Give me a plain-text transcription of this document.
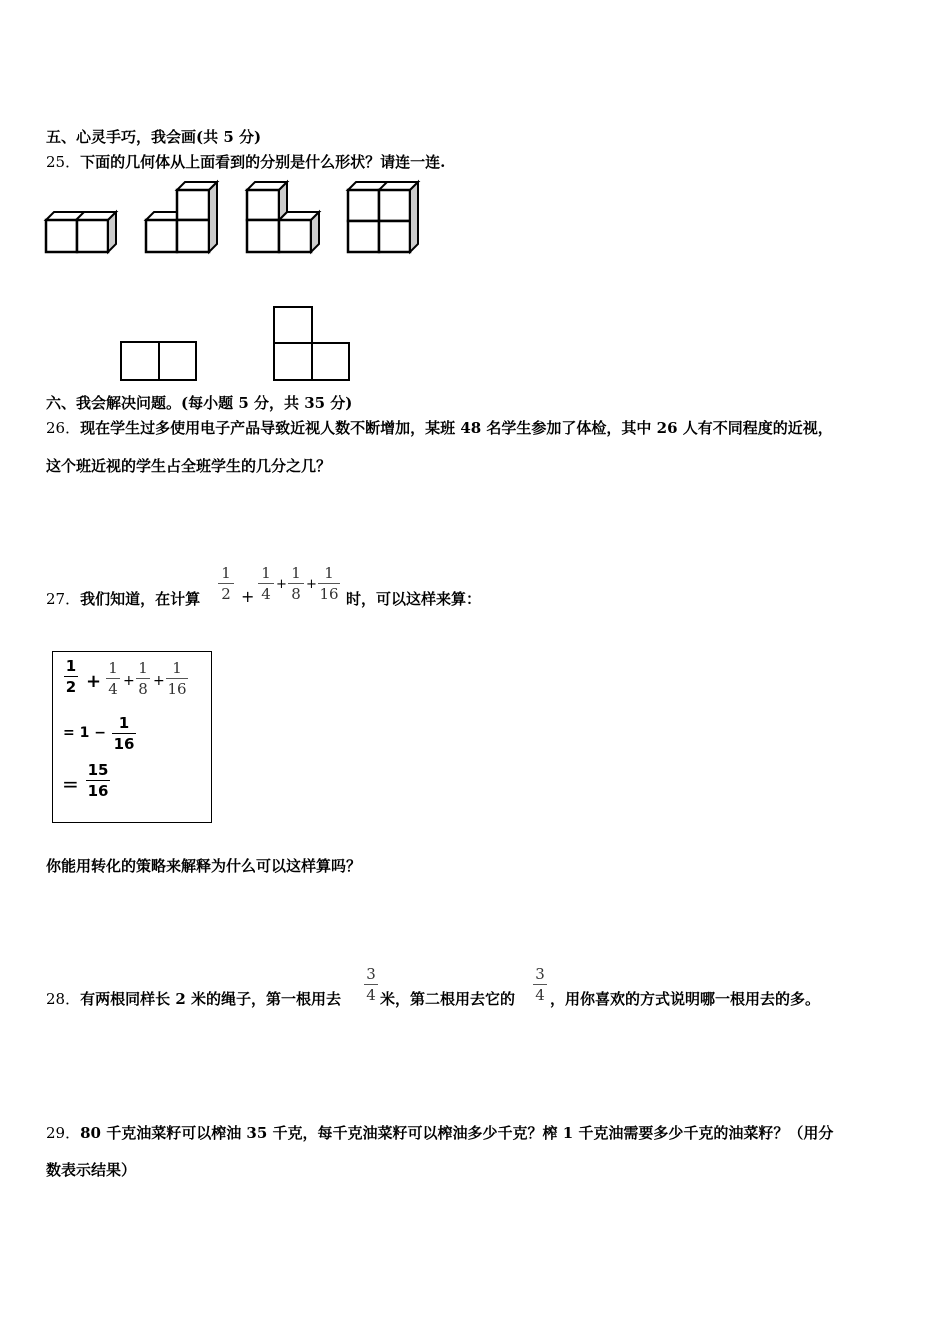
五、心灵手巧，我会画(共 5 分)
25．下面的几何体从上面看到的分别是什么形状？请连一连.
六、我会解决问题。(每小题 5 分，共 35 分)
26．现在学生过多使用电子产品导致近视人数不断增加，某班 48 名学生参加了体检，其中 26 人有不同程度的近视，
这个班近视的学生占全班学生的几分之几？
27．我们知道，在计算
1
2 +
1
4
+
1
8
+
1
16 时，可以这样来算：
1
2 +
1
4 +
1
8 +
1
16
= 1 −
1
16
=
15
16
你能用转化的策略来解释为什么可以这样算吗？
28．有两根同样长 2 米的绳子，第一根用去
3
4 米，第二根用去它的
3
4 ，用你喜欢的方式说明哪一根用去的多。
29．80 千克油菜籽可以榨油 35 千克，每千克油菜籽可以榨油多少千克？榨 1 千克油需要多少千克的油菜籽？（用分
数表示结果）
